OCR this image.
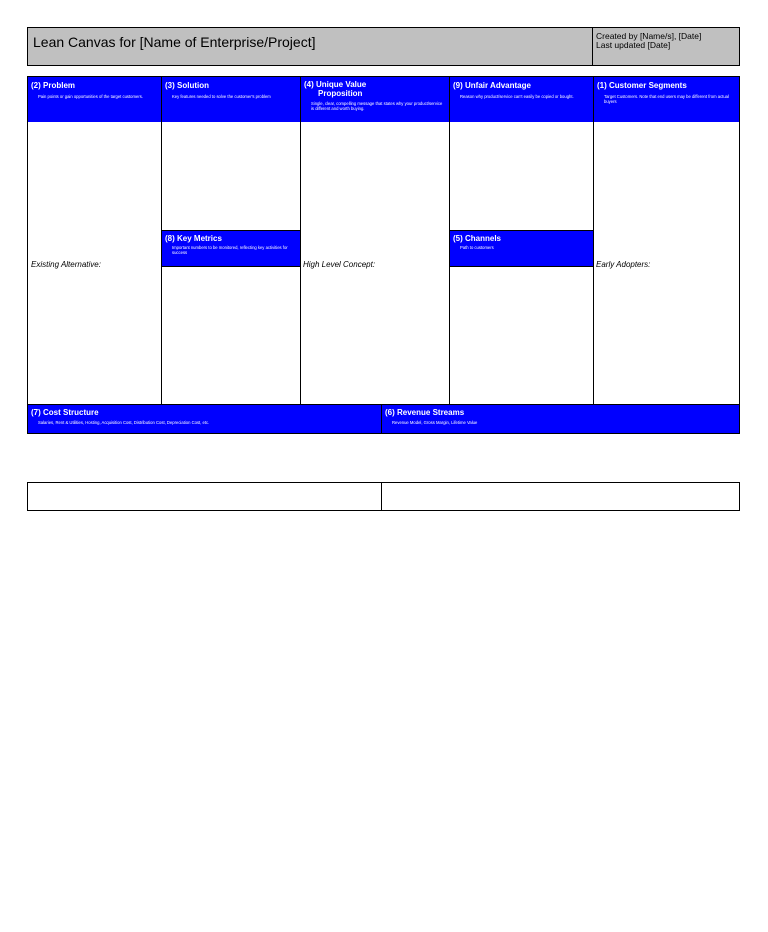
Lean Canvas for [Name of Enterprise/Project]	Created by [Name/s], [Date]
Last updated [Date]
(2) Problem
Pain points or gain opportunities of the target customers.
(3) Solution
Key features needed to solve the customer's problem
(4) Unique Value
Proposition
Single, clear, compelling message that states why your product/service is different and worth buying.
(9) Unfair Advantage
Reason why product/service can't easily be copied or bought.
(1) Customer Segments
Target Customers. Note that end users may be different from actual buyers
(8) Key Metrics
Important numbers to be monitored, reflecting key activities for success
(5) Channels
Path to customers
Existing Alternative:	High Level Concept:	Early Adopters:
(7) Cost Structure
Salaries, Rent & Utilities, Hosting, Acquisition Cost, Distribution Cost, Depreciation Cost, etc.
(6) Revenue Streams
Revenue Model, Gross Margin, Lifetime Value
